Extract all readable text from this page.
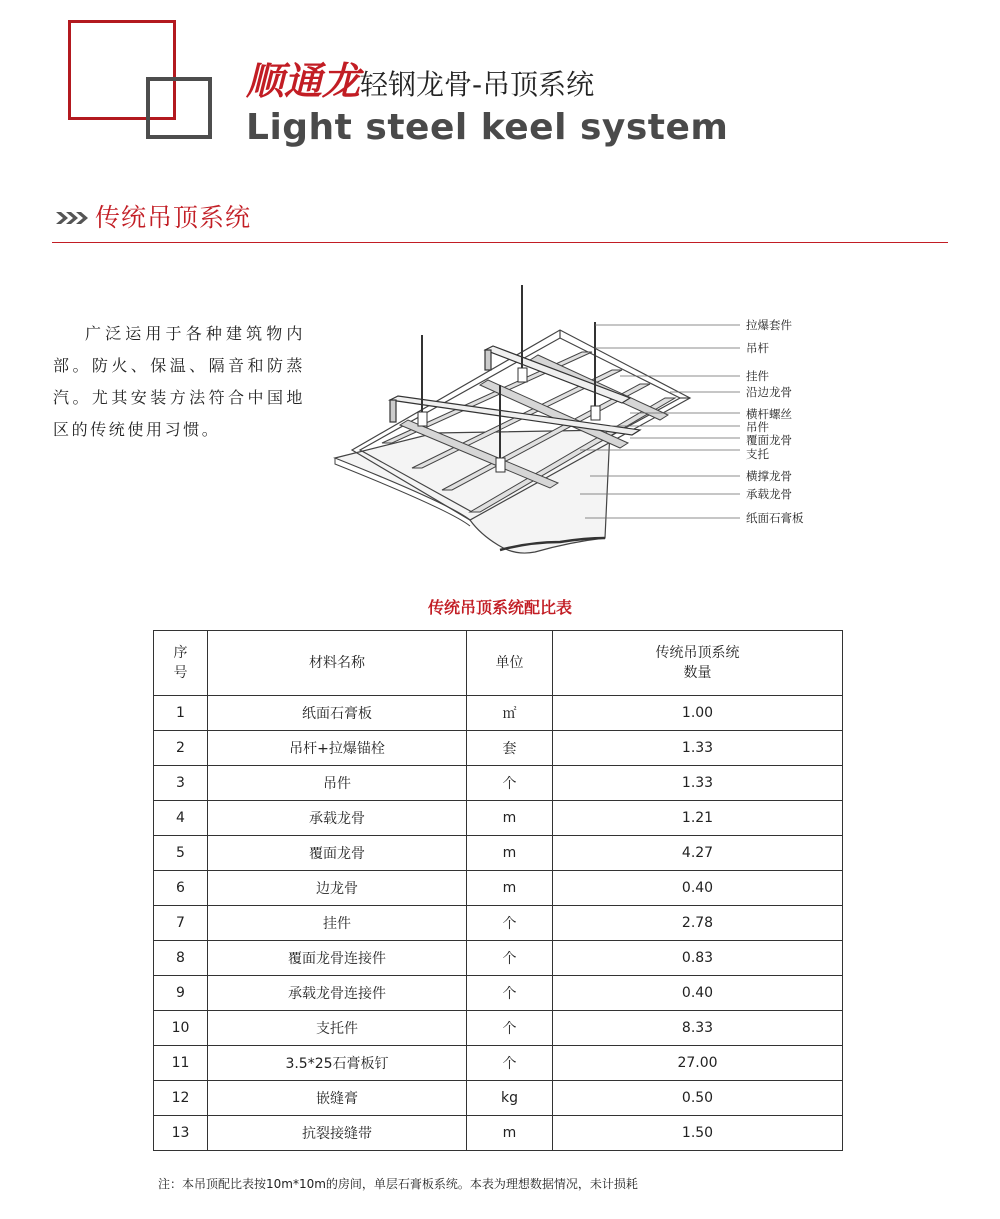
顺通龙轻钢龙骨-吊顶系统
Light steel keel system
传统吊顶系统

广泛运用于各种建筑物内部。防火、保温、隔音和防蒸汽。尤其安装方法符合中国地区的传统使用习惯。

拉爆套件
吊杆
挂件
沿边龙骨
横杆螺丝
吊件
覆面龙骨
支托
横撑龙骨
承载龙骨
纸面石膏板
传统吊顶系统配比表
序号	材料名称	单位	传统吊顶系统
数量

1	纸面石膏板	㎡	1.00
2	吊杆+拉爆锚栓	套	1.33
3	吊件	个	1.33
4	承载龙骨	m	1.21
5	覆面龙骨	m	4.27
6	边龙骨	m	0.40
7	挂件	个	2.78
8	覆面龙骨连接件	个	0.83
9	承载龙骨连接件	个	0.40
10	支托件	个	8.33
11	3.5*25石膏板钉	个	27.00
12	嵌缝膏	kg	0.50
13	抗裂接缝带	m	1.50
注：本吊顶配比表按10m*10m的房间，单层石膏板系统。本表为理想数据情况，未计损耗
